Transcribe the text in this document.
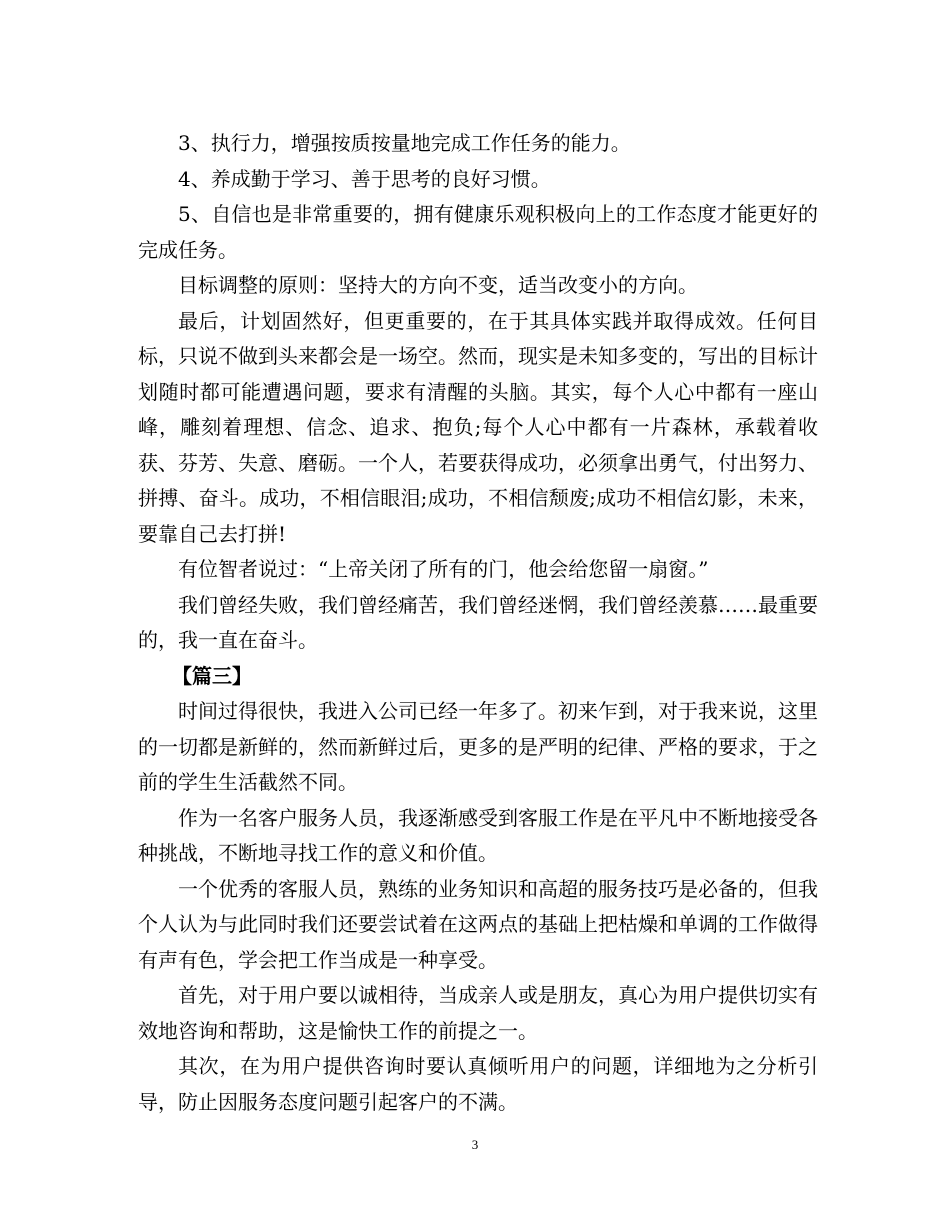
3、执行力，增强按质按量地完成工作任务的能力。

4、养成勤于学习、善于思考的良好习惯。

5、自信也是非常重要的，拥有健康乐观积极向上的工作态度才能更好的完成任务。

目标调整的原则：坚持大的方向不变，适当改变小的方向。

最后，计划固然好，但更重要的，在于其具体实践并取得成效。任何目标，只说不做到头来都会是一场空。然而，现实是未知多变的，写出的目标计划随时都可能遭遇问题，要求有清醒的头脑。其实，每个人心中都有一座山峰，雕刻着理想、信念、追求、抱负;每个人心中都有一片森林，承载着收获、芬芳、失意、磨砺。一个人，若要获得成功，必须拿出勇气，付出努力、拼搏、奋斗。成功，不相信眼泪;成功，不相信颓废;成功不相信幻影，未来，要靠自己去打拼!

有位智者说过：“上帝关闭了所有的门，他会给您留一扇窗。”

我们曾经失败，我们曾经痛苦，我们曾经迷惘，我们曾经羡慕……最重要的，我一直在奋斗。

【篇三】

时间过得很快，我进入公司已经一年多了。初来乍到，对于我来说，这里的一切都是新鲜的，然而新鲜过后，更多的是严明的纪律、严格的要求，于之前的学生生活截然不同。

作为一名客户服务人员，我逐渐感受到客服工作是在平凡中不断地接受各种挑战，不断地寻找工作的意义和价值。

一个优秀的客服人员，熟练的业务知识和高超的服务技巧是必备的，但我个人认为与此同时我们还要尝试着在这两点的基础上把枯燥和单调的工作做得有声有色，学会把工作当成是一种享受。

首先，对于用户要以诚相待，当成亲人或是朋友，真心为用户提供切实有效地咨询和帮助，这是愉快工作的前提之一。

其次，在为用户提供咨询时要认真倾听用户的问题，详细地为之分析引导，防止因服务态度问题引起客户的不满。

3
